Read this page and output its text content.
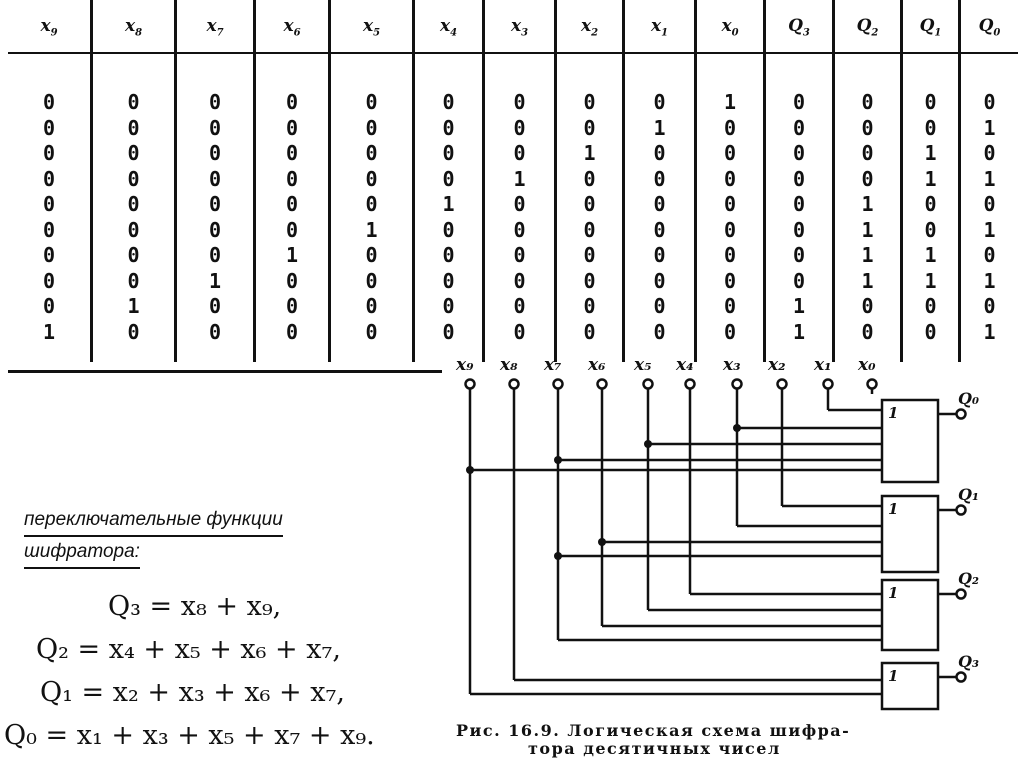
$x_9$
0
0
0
0
0
0
0
0
0
1
$x_8$
0
0
0
0
0
0
0
0
1
0
$x_7$
0
0
0
0
0
0
0
1
0
0
$x_6$
0
0
0
0
0
0
1
0
0
0
$x_5$
0
0
0
0
0
1
0
0
0
0
$x_4$
0
0
0
0
1
0
0
0
0
0
$x_3$
0
0
0
1
0
0
0
0
0
0
$x_2$
0
0
1
0
0
0
0
0
0
0
$x_1$
0
1
0
0
0
0
0
0
0
0
$x_0$
1
0
0
0
0
0
0
0
0
0
$Q_3$
0
0
0
0
0
0
0
0
1
1
$Q_2$
0
0
0
0
1
1
1
1
0
0
$Q_1$
0
0
1
1
0
0
1
1
0
0
$Q_0$
0
1
0
1
0
1
0
1
0
1
переключательные функции
шифратора:
Q₃ = x₈ + x₉,
Q₂ = x₄ + x₅ + x₆ + x₇,
Q₁ = x₂ + x₃ + x₆ + x₇,
Q₀ = x₁ + x₃ + x₅ + x₇ + x₉.
x₉ x₈ x₇ x₆ x₅ x₄ x₃ x₂ x₁ x₀
1
Q₀
1
Q₁
1
Q₂
1
Q₃
Рис. 16.9. Логическая схема шифра-
тора десятичных чисел
